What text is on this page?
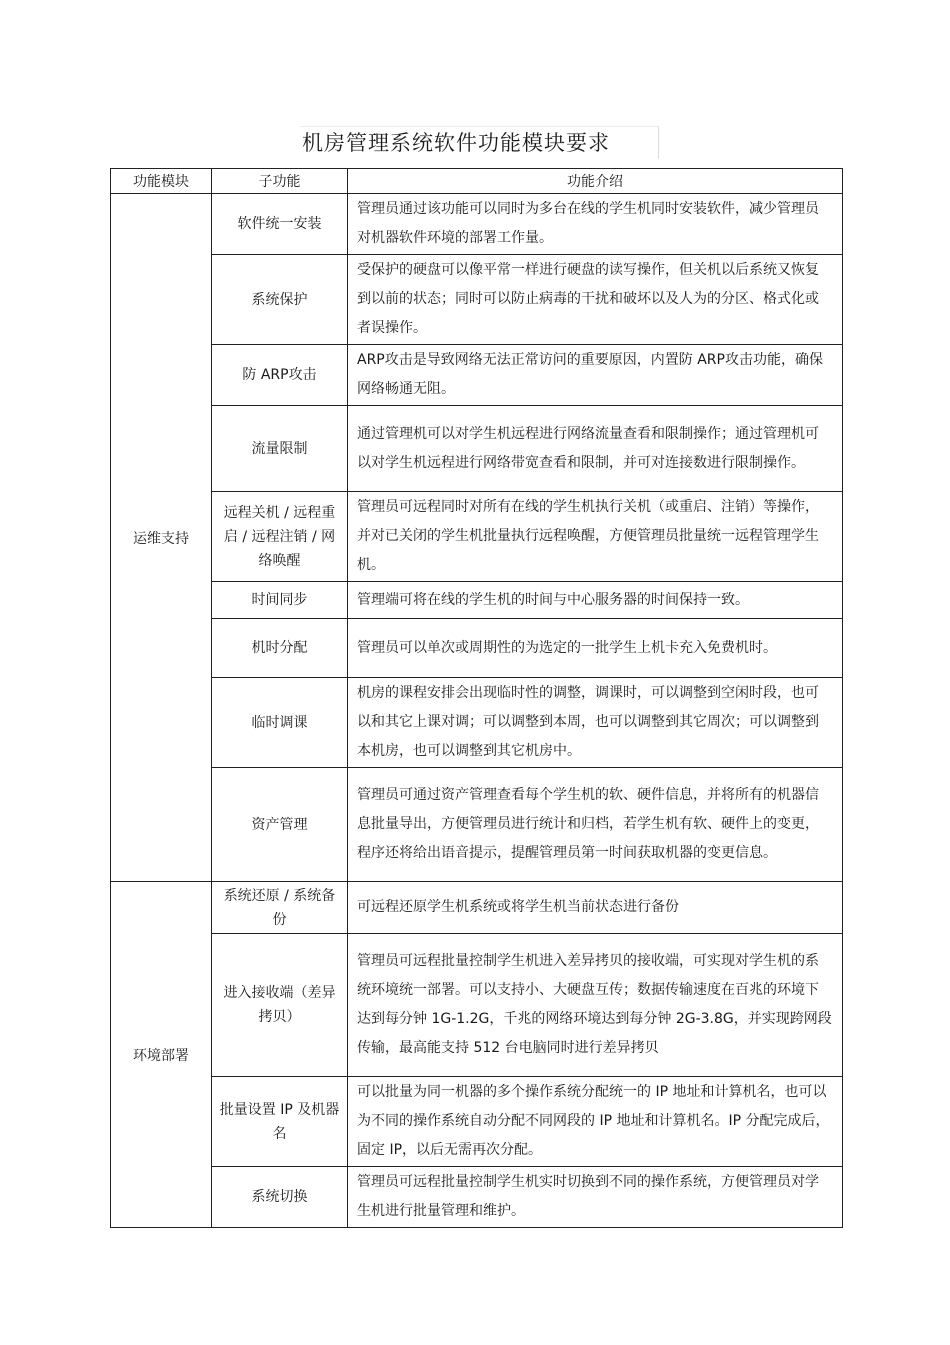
机房管理系统软件功能模块要求
功能模块	子功能	功能介绍
运维支持	软件统一安装	管理员通过该功能可以同时为多台在线的学生机同时安装软件，减少管理员对机器软件环境的部署工作量。
	系统保护	受保护的硬盘可以像平常一样进行硬盘的读写操作，但关机以后系统又恢复到以前的状态；同时可以防止病毒的干扰和破坏以及人为的分区、格式化或者误操作。
	防 ARP攻击	ARP攻击是导致网络无法正常访问的重要原因，内置防 ARP攻击功能，确保网络畅通无阻。
	流量限制	通过管理机可以对学生机远程进行网络流量查看和限制操作；通过管理机可以对学生机远程进行网络带宽查看和限制，并可对连接数进行限制操作。
	远程关机 / 远程重启 / 远程注销 / 网络唤醒	管理员可远程同时对所有在线的学生机执行关机（或重启、注销）等操作，并对已关闭的学生机批量执行远程唤醒，方便管理员批量统一远程管理学生机。
	时间同步	管理端可将在线的学生机的时间与中心服务器的时间保持一致。
	机时分配	管理员可以单次或周期性的为选定的一批学生上机卡充入免费机时。
	临时调课	机房的课程安排会出现临时性的调整，调课时，可以调整到空闲时段，也可以和其它上课对调；可以调整到本周，也可以调整到其它周次；可以调整到本机房，也可以调整到其它机房中。
	资产管理	管理员可通过资产管理查看每个学生机的软、硬件信息，并将所有的机器信息批量导出，方便管理员进行统计和归档，若学生机有软、硬件上的变更，程序还将给出语音提示，提醒管理员第一时间获取机器的变更信息。
环境部署	系统还原 / 系统备份	可远程还原学生机系统或将学生机当前状态进行备份
	进入接收端（差异拷贝）	管理员可远程批量控制学生机进入差异拷贝的接收端，可实现对学生机的系统环境统一部署。可以支持小、大硬盘互传；数据传输速度在百兆的环境下达到每分钟 1G-1.2G，千兆的网络环境达到每分钟 2G-3.8G，并实现跨网段传输，最高能支持 512 台电脑同时进行差异拷贝
	批量设置 IP 及机器名	可以批量为同一机器的多个操作系统分配统一的 IP 地址和计算机名，也可以为不同的操作系统自动分配不同网段的 IP 地址和计算机名。IP 分配完成后，固定 IP，以后无需再次分配。
	系统切换	管理员可远程批量控制学生机实时切换到不同的操作系统，方便管理员对学生机进行批量管理和维护。
